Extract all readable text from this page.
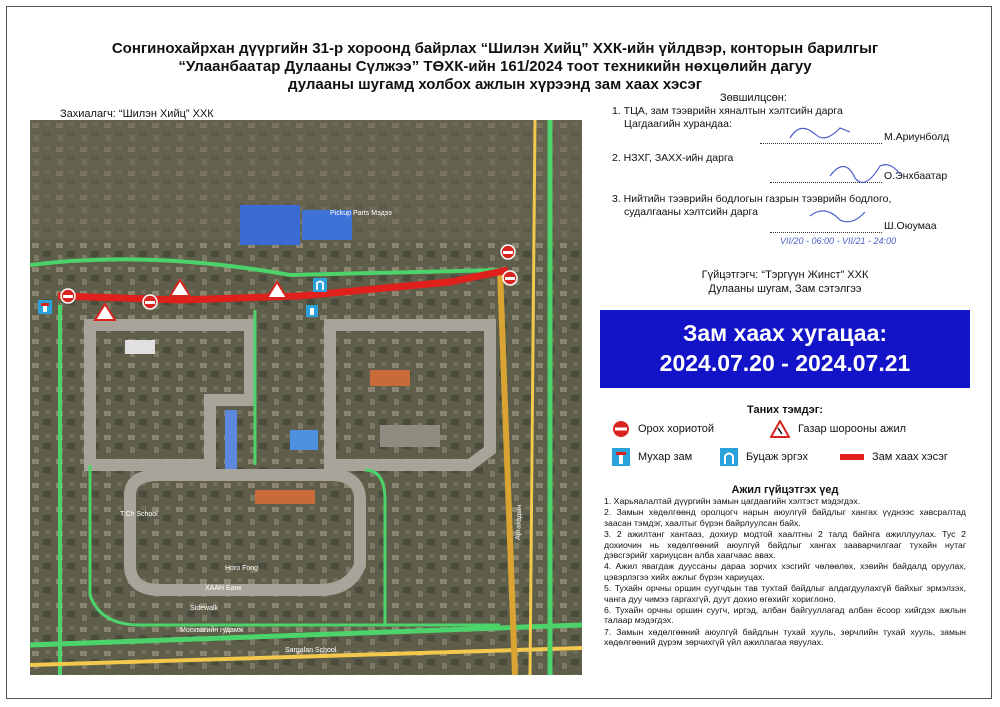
Сонгинохайрхан дүүргийн 31-р хороонд байрлах “Шилэн Хийц” ХХК-ийн үйлдвэр, конторын барилгыг
“Улаанбаатар Дулааны Сүлжээ” ТӨХК-ийн 161/2024 тоот техникийн нөхцөлийн дагуу
дулааны шугамд холбох ажлын хүрээнд зам хаах хэсэг
Захиалагч: “Шилэн Хийц” ХХК
Pickup Parts Мэдээ
Аргахадын
Москвагийн гудамж
Sargalan School
Horo Fong
ХААН Банк
T.Ch School
Sidewalk
Зөвшилцсөн:
1. ТЦА, зам тээврийн хяналтын хэлтсийн дарга
Цагдаагийн хурандаа:
М.Ариунболд
2. НЗХГ, ЗАХХ-ийн дарга
О.Энхбаатар
3. Нийтийн тээврийн бодлогын газрын тээврийн бодлого,
судалгааны хэлтсийн дарга
Ш.Оюумаа
VII/20 - 06:00 - VII/21 - 24:00
Гүйцэтгэгч: “Тэргүүн Жинст” ХХК
Дулааны шугам, Зам сэтэлгээ
Зам хаах хугацаа:
2024.07.20 - 2024.07.21
Таних тэмдэг:
Орох хориотой	Газар шорооны ажил
Мухар зам	Буцаж эргэх	Зам хаах хэсэг
Ажил гүйцэтгэх үед

1. Харьяалалтай дүүргийн замын цагдаагийн хэлтэст мэдэгдэх.

2. Замын хөдөлгөөнд оролцогч нарын аюулгүй байдлыг хангах үүднээс хавсралтад заасан тэмдэг, хаалтыг бүрэн байрлуулсан байх.

3. 2 ажилтанг хантааз, дохиур модтой хаалтны 2 талд байнга ажиллуулах. Тус 2 дохиочин нь хөдөлгөөний аюулгүй байдлыг хангах зааварчилгааг тухайн нутаг дэвсгэрийг хариуцсан алба хаагчаас авах.

4. Ажил явагдаж дууссаны дараа зорчих хэсгийг чөлөөлөх, хэвийн байдалд оруулах, цэвэрлэгээ хийх ажлыг бүрэн хариуцах.

5. Тухайн орчны оршин суугчдын тав тухтай байдлыг алдагдуулахгүй байхыг эрмэлзэх, чанга дуу чимээ гаргахгүй, дуут дохио өгөхийг хориглоно.

6. Тухайн орчны оршин суугч, иргэд, албан байгууллагад албан ёсоор хийгдэх ажлын талаар мэдэгдэх.

7. Замын хөдөлгөөний аюулгүй байдлын тухай хууль, зөрчлийн тухай хууль, замын хөдөлгөөний дүрэм зөрчихгүй үйл ажиллагаа явуулах.
